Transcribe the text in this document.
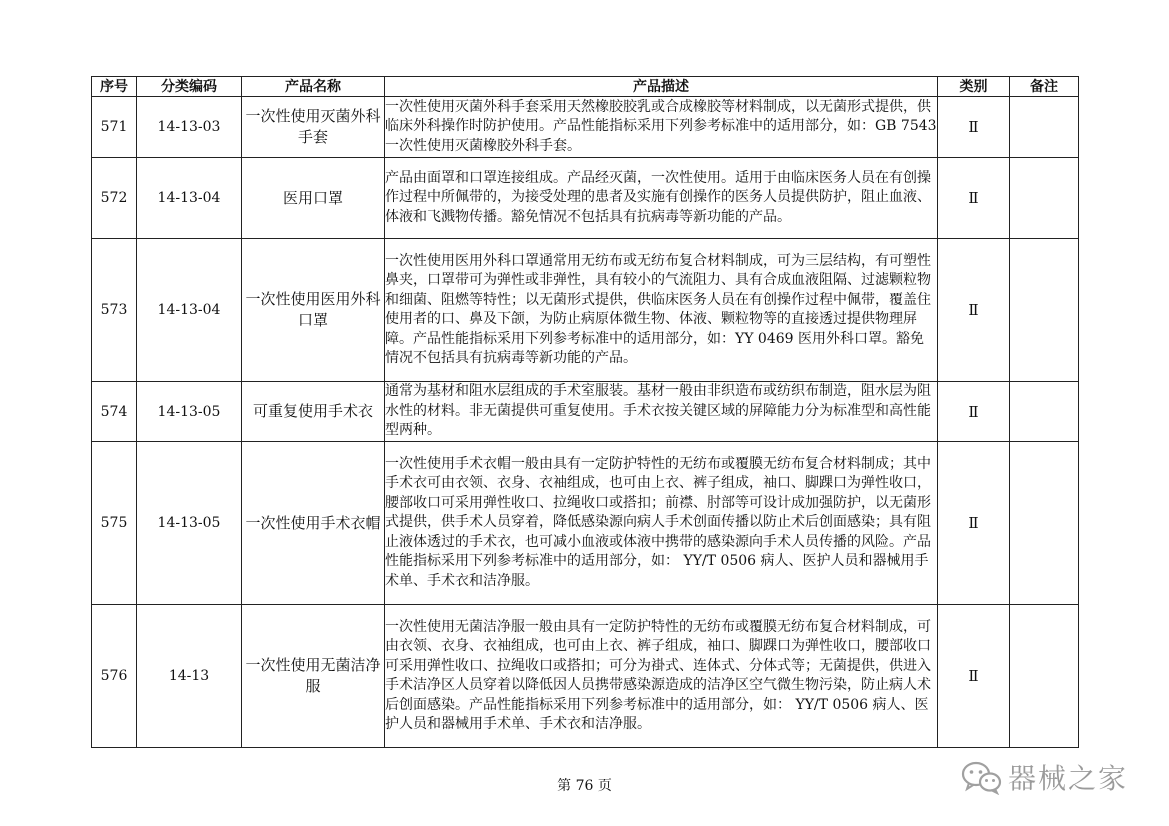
序号	分类编码	产品名称	产品描述	类别	备注
571	14-13-03	一次性使用灭菌外科手套	一次性使用灭菌外科手套采用天然橡胶胶乳或合成橡胶等材料制成，以无菌形式提供，供临床外科操作时防护使用。产品性能指标采用下列参考标准中的适用部分，如：GB 7543 一次性使用灭菌橡胶外科手套。	Ⅱ	
572	14-13-04	医用口罩	产品由面罩和口罩连接组成。产品经灭菌，一次性使用。适用于由临床医务人员在有创操作过程中所佩带的，为接受处理的患者及实施有创操作的医务人员提供防护，阻止血液、体液和飞溅物传播。豁免情况不包括具有抗病毒等新功能的产品。	Ⅱ	
573	14-13-04	一次性使用医用外科口罩	一次性使用医用外科口罩通常用无纺布或无纺布复合材料制成，可为三层结构，有可塑性鼻夹，口罩带可为弹性或非弹性，具有较小的气流阻力、具有合成血液阻隔、过滤颗粒物和细菌、阻燃等特性；以无菌形式提供，供临床医务人员在有创操作过程中佩带，覆盖住使用者的口、鼻及下颌，为防止病原体微生物、体液、颗粒物等的直接透过提供物理屏障。产品性能指标采用下列参考标准中的适用部分，如：YY 0469 医用外科口罩。豁免情况不包括具有抗病毒等新功能的产品。	Ⅱ	
574	14-13-05	可重复使用手术衣	通常为基材和阻水层组成的手术室服装。基材一般由非织造布或纺织布制造，阻水层为阻水性的材料。非无菌提供可重复使用。手术衣按关键区域的屏障能力分为标准型和高性能型两种。	Ⅱ	
575	14-13-05	一次性使用手术衣帽	一次性使用手术衣帽一般由具有一定防护特性的无纺布或覆膜无纺布复合材料制成；其中手术衣可由衣领、衣身、衣袖组成，也可由上衣、裤子组成，袖口、脚踝口为弹性收口，腰部收口可采用弹性收口、拉绳收口或搭扣；前襟、肘部等可设计成加强防护，以无菌形式提供，供手术人员穿着，降低感染源向病人手术创面传播以防止术后创面感染；具有阻止液体透过的手术衣，也可减小血液或体液中携带的感染源向手术人员传播的风险。产品性能指标采用下列参考标准中的适用部分，如： YY/T 0506 病人、医护人员和器械用手术单、手术衣和洁净服。	Ⅱ	
576	14-13	一次性使用无菌洁净服	一次性使用无菌洁净服一般由具有一定防护特性的无纺布或覆膜无纺布复合材料制成，可由衣领、衣身、衣袖组成，也可由上衣、裤子组成，袖口、脚踝口为弹性收口，腰部收口可采用弹性收口、拉绳收口或搭扣；可分为褂式、连体式、分体式等；无菌提供，供进入手术洁净区人员穿着以降低因人员携带感染源造成的洁净区空气微生物污染，防止病人术后创面感染。产品性能指标采用下列参考标准中的适用部分，如： YY/T 0506 病人、医护人员和器械用手术单、手术衣和洁净服。	Ⅱ	
第 76 页	器械之家
